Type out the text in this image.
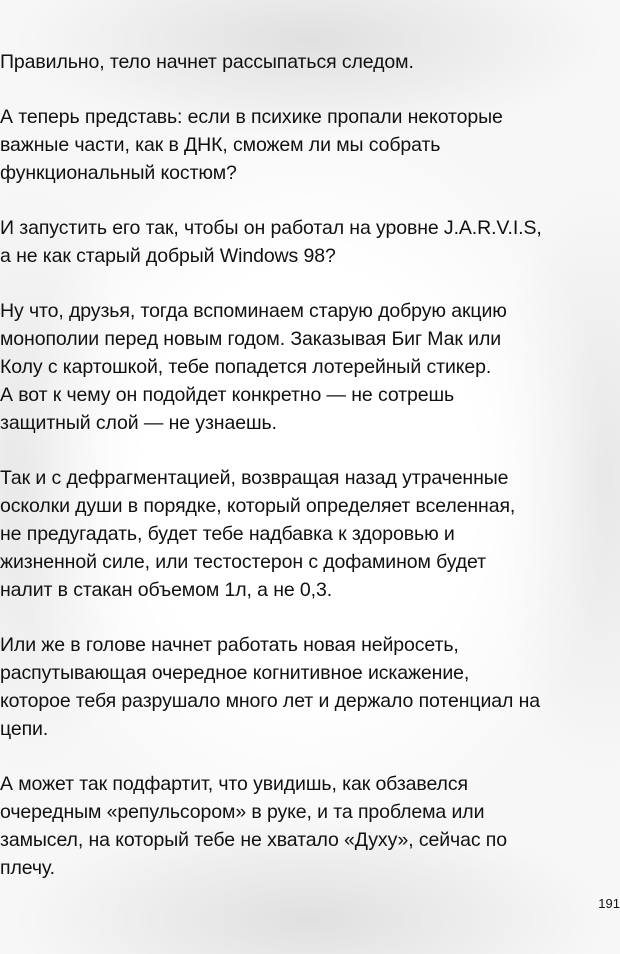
Правильно, тело начнет рассыпаться следом.

А теперь представь: если в психике пропали некоторые
важные части, как в ДНК, сможем ли мы собрать
функциональный костюм?

И запустить его так, чтобы он работал на уровне J.A.R.V.I.S,
а не как старый добрый Windows 98?

Ну что, друзья, тогда вспоминаем старую добрую акцию
монополии перед новым годом. Заказывая Биг Мак или
Колу с картошкой, тебе попадется лотерейный стикер.
А вот к чему он подойдет конкретно — не сотрешь
защитный слой — не узнаешь.

Так и с дефрагментацией, возвращая назад утраченные
осколки души в порядке, который определяет вселенная,
не предугадать, будет тебе надбавка к здоровью и
жизненной силе, или тестостерон с дофамином будет
налит в стакан объемом 1л, а не 0,3.

Или же в голове начнет работать новая нейросеть,
распутывающая очередное когнитивное искажение,
которое тебя разрушало много лет и держало потенциал на
цепи.

А может так подфартит, что увидишь, как обзавелся
очередным «репульсором» в руке, и та проблема или
замысел, на который тебе не хватало «Духу», сейчас по
плечу.

191
